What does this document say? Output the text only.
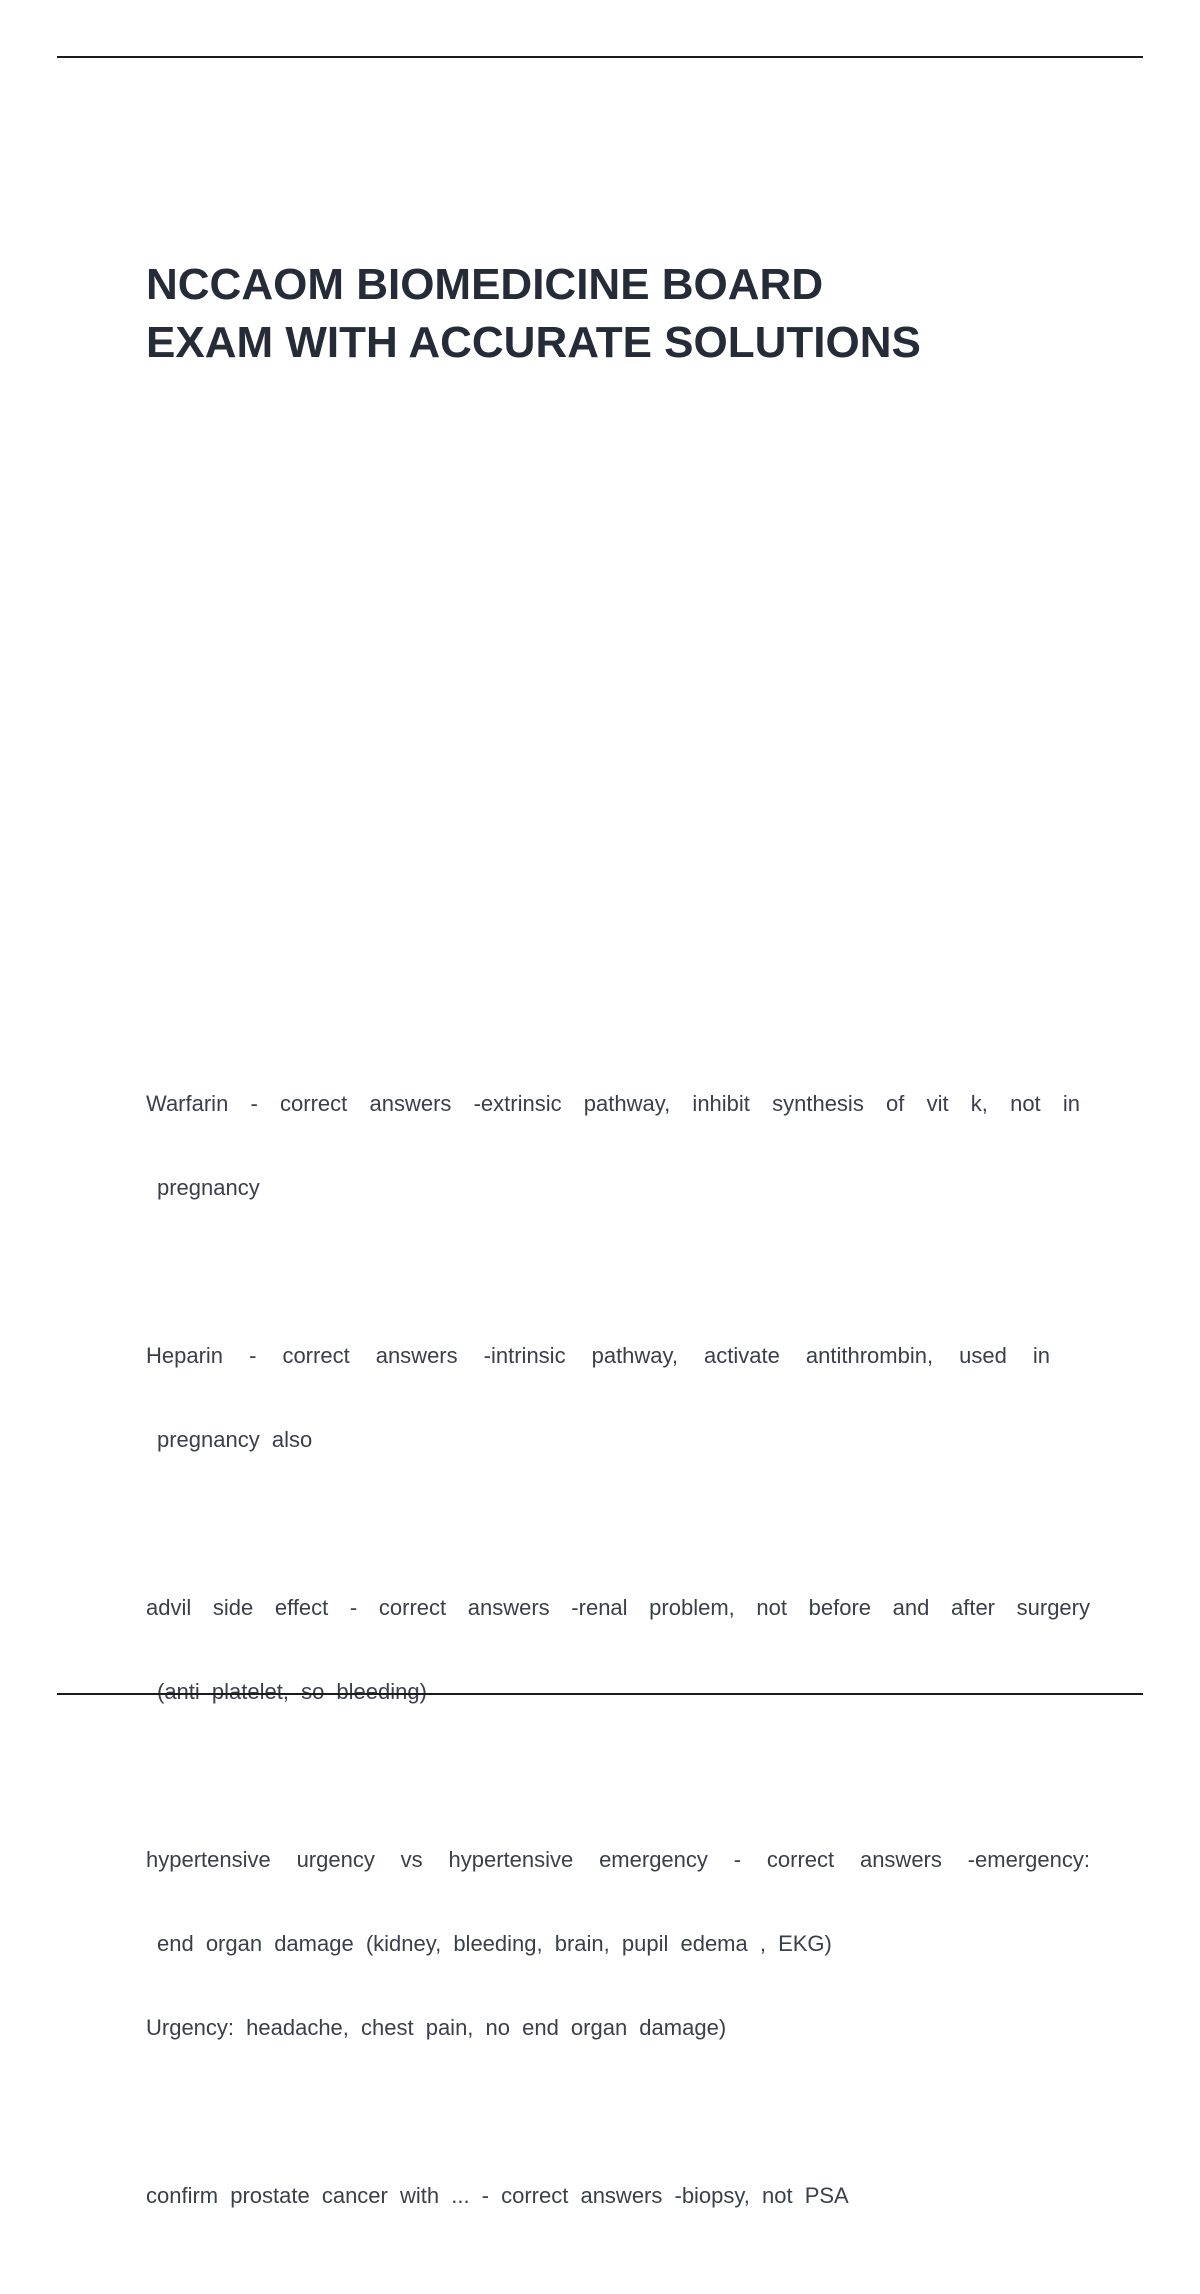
NCCAOM BIOMEDICINE BOARD
EXAM WITH ACCURATE SOLUTIONS

Warfarin - correct answers -extrinsic pathway, inhibit synthesis of vit k, not in

pregnancy

Heparin - correct answers -intrinsic pathway, activate antithrombin, used in

pregnancy also

advil side effect - correct answers -renal problem, not before and after surgery

(anti platelet, so bleeding)

hypertensive urgency vs hypertensive emergency - correct answers -emergency:

end organ damage (kidney, bleeding, brain, pupil edema , EKG)

Urgency: headache, chest pain, no end organ damage)

confirm prostate cancer with ... - correct answers -biopsy, not PSA
